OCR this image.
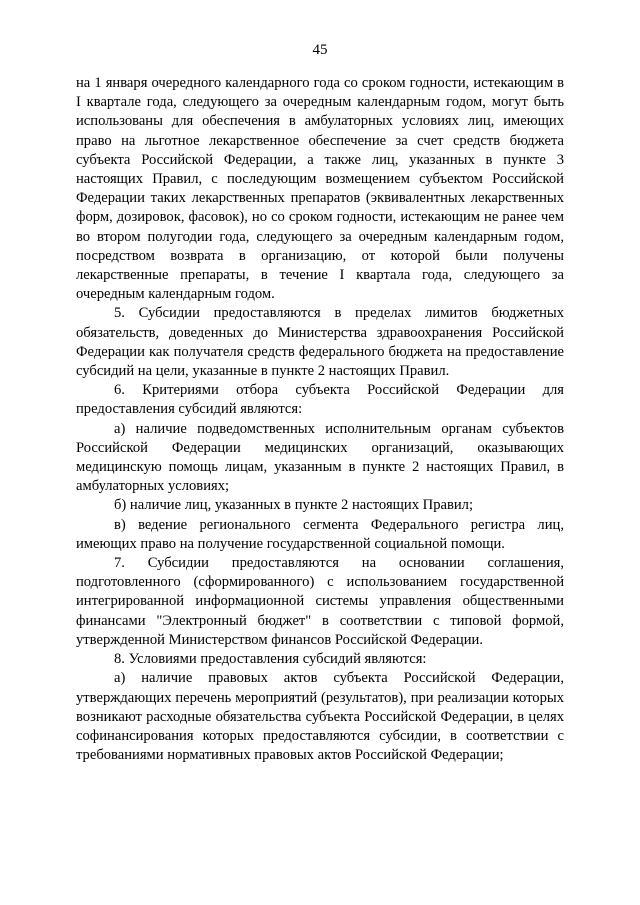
45

на 1 января очередного календарного года со сроком годности, истекающим в I квартале года, следующего за очередным календарным годом, могут быть использованы для обеспечения в амбулаторных условиях лиц, имеющих право на льготное лекарственное обеспечение за счет средств бюджета субъекта Российской Федерации, а также лиц, указанных в пункте 3 настоящих Правил, с последующим возмещением субъектом Российской Федерации таких лекарственных препаратов (эквивалентных лекарственных форм, дозировок, фасовок), но со сроком годности, истекающим не ранее чем во втором полугодии года, следующего за очередным календарным годом, посредством возврата в организацию, от которой были получены лекарственные препараты, в течение I квартала года, следующего за очередным календарным годом.

5. Субсидии предоставляются в пределах лимитов бюджетных обязательств, доведенных до Министерства здравоохранения Российской Федерации как получателя средств федерального бюджета на предоставление субсидий на цели, указанные в пункте 2 настоящих Правил.

6. Критериями отбора субъекта Российской Федерации для предоставления субсидий являются:

а) наличие подведомственных исполнительным органам субъектов Российской Федерации медицинских организаций, оказывающих медицинскую помощь лицам, указанным в пункте 2 настоящих Правил, в амбулаторных условиях;

б) наличие лиц, указанных в пункте 2 настоящих Правил;

в) ведение регионального сегмента Федерального регистра лиц, имеющих право на получение государственной социальной помощи.

7. Субсидии предоставляются на основании соглашения, подготовленного (сформированного) с использованием государственной интегрированной информационной системы управления общественными финансами "Электронный бюджет" в соответствии с типовой формой, утвержденной Министерством финансов Российской Федерации.

8. Условиями предоставления субсидий являются:

а) наличие правовых актов субъекта Российской Федерации, утверждающих перечень мероприятий (результатов), при реализации которых возникают расходные обязательства субъекта Российской Федерации, в целях софинансирования которых предоставляются субсидии, в соответствии с требованиями нормативных правовых актов Российской Федерации;
